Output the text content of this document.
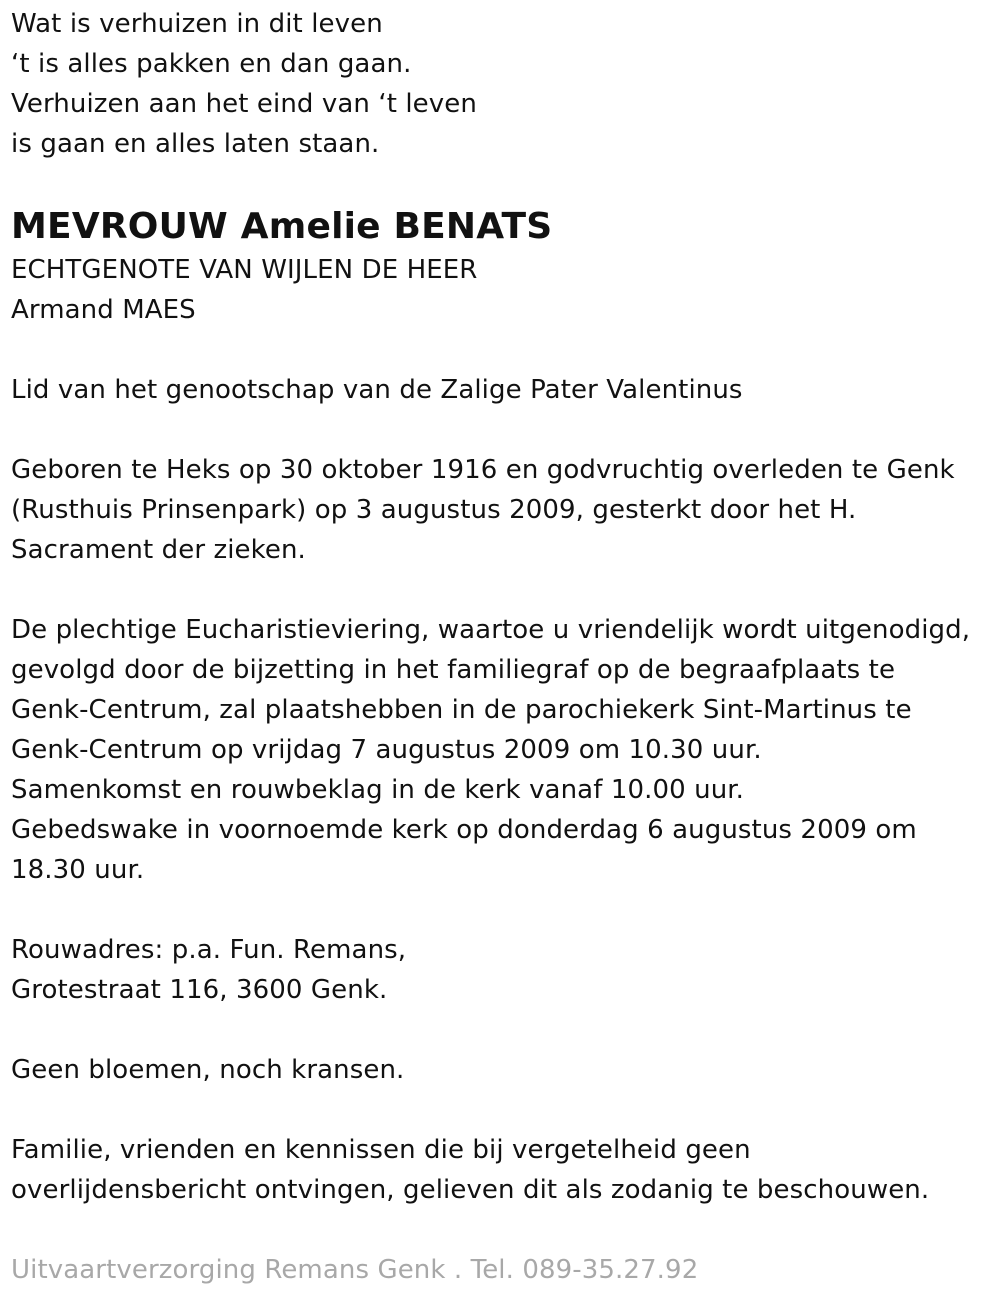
Wat is verhuizen in dit leven
‘t is alles pakken en dan gaan.
Verhuizen aan het eind van ‘t leven
is gaan en alles laten staan.
MEVROUW Amelie BENATS
ECHTGENOTE VAN WIJLEN DE HEER
Armand MAES
Lid van het genootschap van de Zalige Pater Valentinus
Geboren te Heks op 30 oktober 1916 en godvruchtig overleden te Genk
(Rusthuis Prinsenpark) op 3 augustus 2009, gesterkt door het H.
Sacrament der zieken.
De plechtige Eucharistieviering, waartoe u vriendelijk wordt uitgenodigd,
gevolgd door de bijzetting in het familiegraf op de begraafplaats te
Genk-Centrum, zal plaatshebben in de parochiekerk Sint-Martinus te
Genk-Centrum op vrijdag 7 augustus 2009 om 10.30 uur.
Samenkomst en rouwbeklag in de kerk vanaf 10.00 uur.
Gebedswake in voornoemde kerk op donderdag 6 augustus 2009 om
18.30 uur.
Rouwadres: p.a. Fun. Remans,
Grotestraat 116, 3600 Genk.
Geen bloemen, noch kransen.
Familie, vrienden en kennissen die bij vergetelheid geen
overlijdensbericht ontvingen, gelieven dit als zodanig te beschouwen.
Uitvaartverzorging Remans Genk . Tel. 089-35.27.92
